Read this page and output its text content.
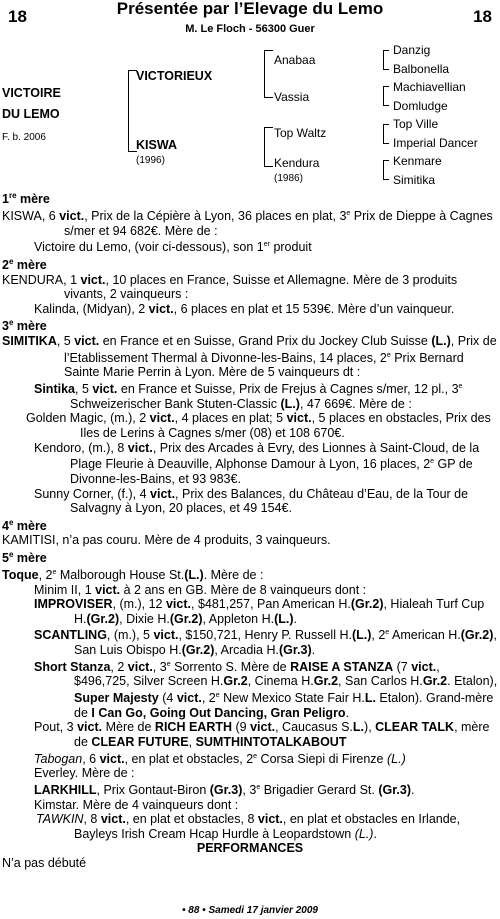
18	Présentée par l’Elevage du Lemo	18
M. Le Floch - 56300 Guer
VICTOIRE
DU LEMO
F. b. 2006
VICTORIEUX
KISWA
(1996)
Anabaa
Vassia
Top Waltz
Kendura
(1986)
Danzig
Balbonella
Machiavellian
Domludge
Top Ville
Imperial Dancer
Kenmare
Simitika

1re mère

KISWA, 6 vict., Prix de la Cépière à Lyon, 36 places en plat, 3e Prix de Dieppe à Cagnes s/mer et 94 682€. Mère de :

Victoire du Lemo, (voir ci-dessous), son 1er produit

2e mère

KENDURA, 1 vict., 10 places en France, Suisse et Allemagne. Mère de 3 produits vivants, 2 vainqueurs :

Kalinda, (Midyan), 2 vict., 6 places en plat et 15 539€. Mère d’un vainqueur.

3e mère

SIMITIKA, 5 vict. en France et en Suisse, Grand Prix du Jockey Club Suisse (L.), Prix de l’Etablissement Thermal à Divonne-les-Bains, 14 places, 2e Prix Bernard Sainte Marie Perrin à Lyon. Mère de 5 vainqueurs dt :

Sintika, 5 vict. en France et Suisse, Prix de Frejus à Cagnes s/mer, 12 pl., 3e Schweizerischer Bank Stuten-Classic (L.), 47 669€. Mère de :

Golden Magic, (m.), 2 vict., 4 places en plat; 5 vict., 5 places en obstacles, Prix des Iles de Lerins à Cagnes s/mer (08) et 108 670€.

Kendoro, (m.), 8 vict., Prix des Arcades à Evry, des Lionnes à Saint-Cloud, de la Plage Fleurie à Deauville, Alphonse Damour à Lyon, 16 places, 2e GP de Divonne-les-Bains, et 93 983€.

Sunny Corner, (f.), 4 vict., Prix des Balances, du Château d’Eau, de la Tour de Salvagny à Lyon, 20 places, et 49 154€.

4e mère

KAMITISI, n’a pas couru. Mère de 4 produits, 3 vainqueurs.

5e mère

Toque, 2e Malborough House St.(L.). Mère de :

Minim II, 1 vict. à 2 ans en GB. Mère de 8 vainqueurs dont :

IMPROVISER, (m.), 12 vict., $481,257, Pan American H.(Gr.2), Hialeah Turf Cup H.(Gr.2), Dixie H.(Gr.2), Appleton H.(L.).

SCANTLING, (m.), 5 vict., $150,721, Henry P. Russell H.(L.), 2e American H.(Gr.2), San Luis Obispo H.(Gr.2), Arcadia H.(Gr.3).

Short Stanza, 2 vict., 3e Sorrento S. Mère de RAISE A STANZA (7 vict., $496,725, Silver Screen H.Gr.2, Cinema H.Gr.2, San Carlos H.Gr.2. Etalon), Super Majesty (4 vict., 2e New Mexico State Fair H.L. Etalon). Grand-mère de I Can Go, Going Out Dancing, Gran Peligro.

Pout, 3 vict. Mère de RICH EARTH (9 vict., Caucasus S.L.), CLEAR TALK, mère de CLEAR FUTURE, SUMTHINTOTALKABOUT

Tabogan, 6 vict., en plat et obstacles, 2e Corsa Siepi di Firenze (L.)

Everley. Mère de :

LARKHILL, Prix Gontaut-Biron (Gr.3), 3e Brigadier Gerard St. (Gr.3).

Kimstar. Mère de 4 vainqueurs dont :

TAWKIN, 8 vict., en plat et obstacles, 8 vict., en plat et obstacles en Irlande, Bayleys Irish Cream Hcap Hurdle à Leopardstown (L.).

PERFORMANCES

N’a pas débuté

• 88 • Samedi 17 janvier 2009
